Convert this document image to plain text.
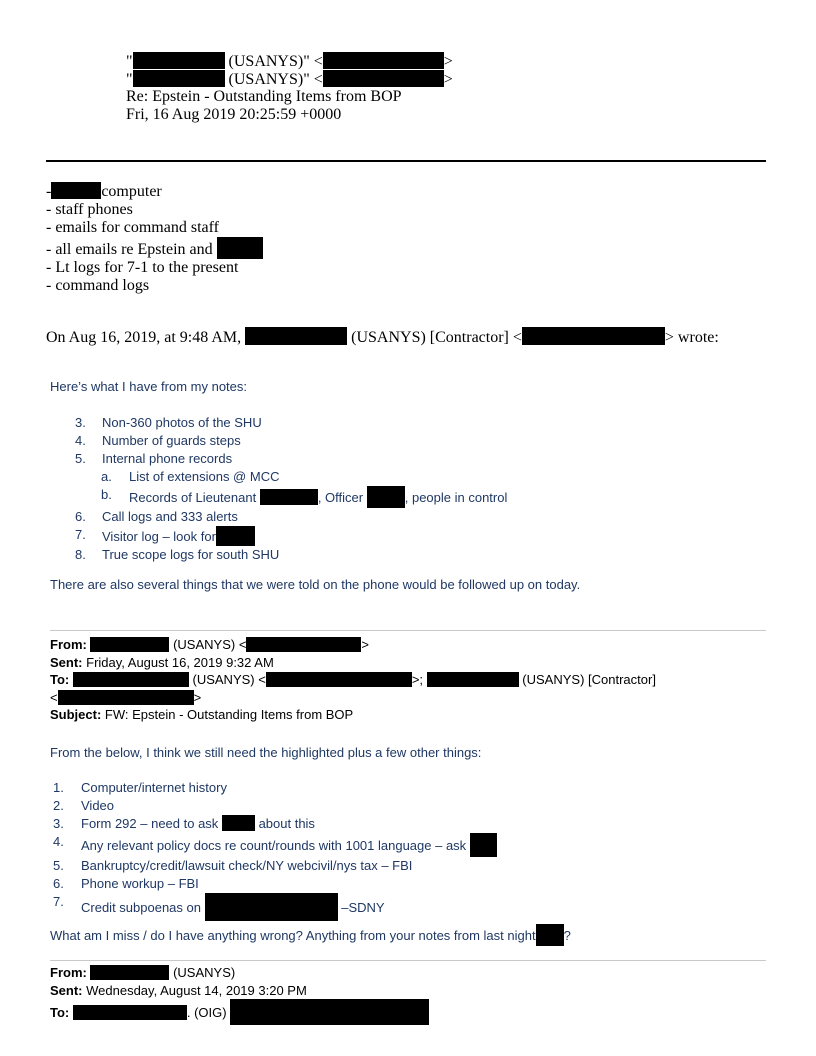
"	(USANYS)" <	>
"	(USANYS)" <	>
Re: Epstein - Outstanding Items from BOP
Fri, 16 Aug 2019 20:25:59 +0000
-	computer
- staff phones
- emails for command staff
- all emails re Epstein and
- Lt logs for 7-1 to the present
- command logs
On Aug 16, 2019, at 9:48 AM,	(USANYS) [Contractor] <	> wrote:

Here’s what I have from my notes:

3. Non-360 photos of the SHU
4. Number of guards steps
5. Internal phone records
a. List of extensions @ MCC
b. Records of Lieutenant	, Officer	, people in control
6. Call logs and 333 alerts
7. Visitor log – look for
8. True scope logs for south SHU

There are also several things that we were told on the phone would be followed up on today.

From:	(USANYS) <	>
Sent: Friday, August 16, 2019 9:32 AM
To:	(USANYS) <	>;	(USANYS) [Contractor]
<	>
Subject: FW: Epstein - Outstanding Items from BOP

From the below, I think we still need the highlighted plus a few other things:

1. Computer/internet history
2. Video
3. Form 292 – need to ask	about this
4. Any relevant policy docs re count/rounds with 1001 language – ask
5. Bankruptcy/credit/lawsuit check/NY webcivil/nys tax – FBI
6. Phone workup – FBI
7. Credit subpoenas on	–SDNY

What am I miss / do I have anything wrong? Anything from your notes from last night ?

From:	(USANYS)
Sent: Wednesday, August 14, 2019 3:20 PM
To:	. (OIG)
